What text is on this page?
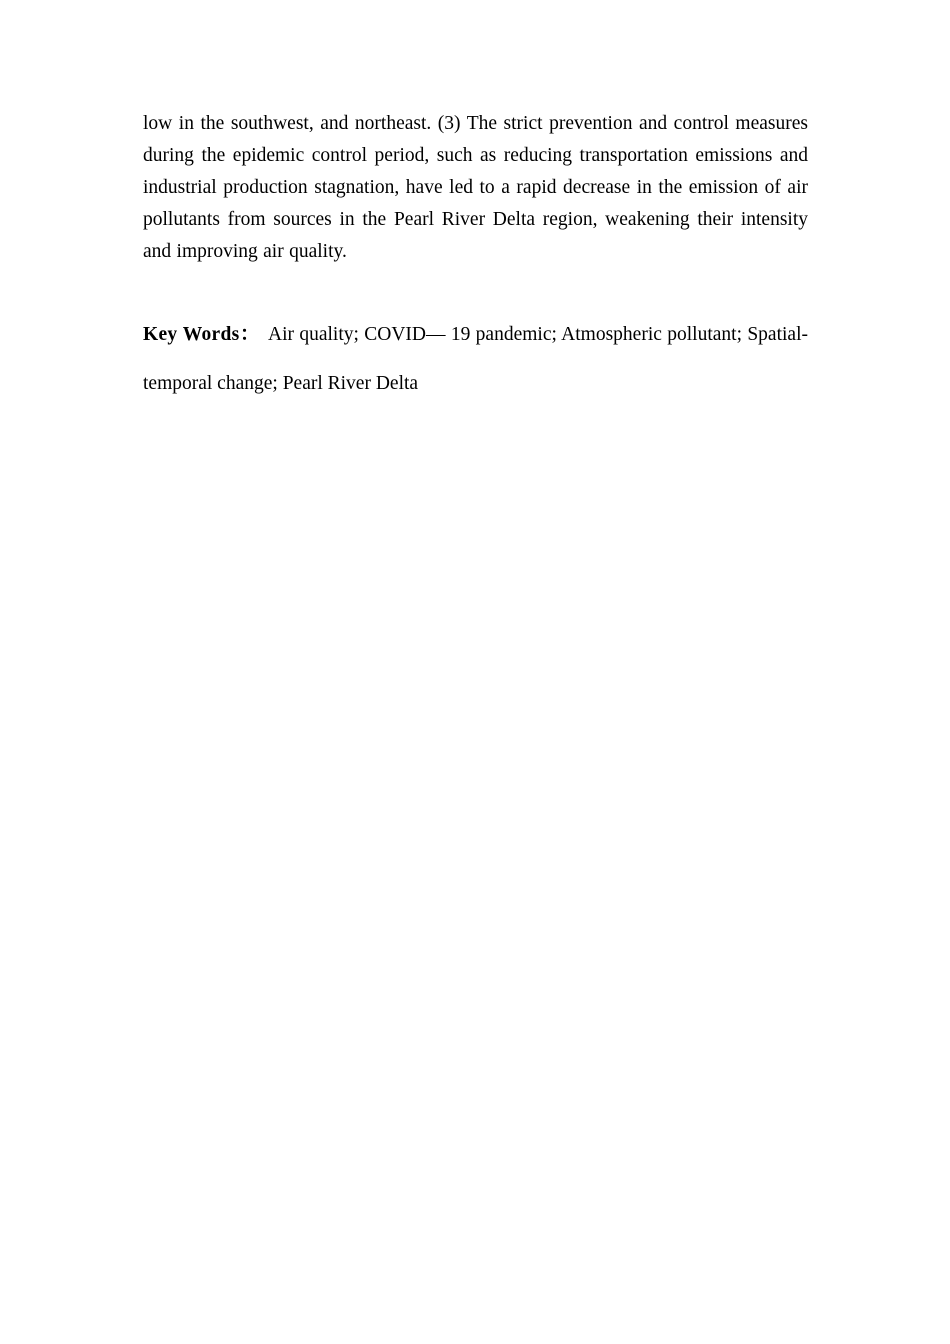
low in the southwest, and northeast. (3) The strict prevention and control measures during the epidemic control period, such as reducing transportation emissions and industrial production stagnation, have led to a rapid decrease in the emission of air pollutants from sources in the Pearl River Delta region, weakening their intensity and improving air quality.

Key Words： Air quality; COVID— 19 pandemic; Atmospheric pollutant; Spatial-temporal change; Pearl River Delta
